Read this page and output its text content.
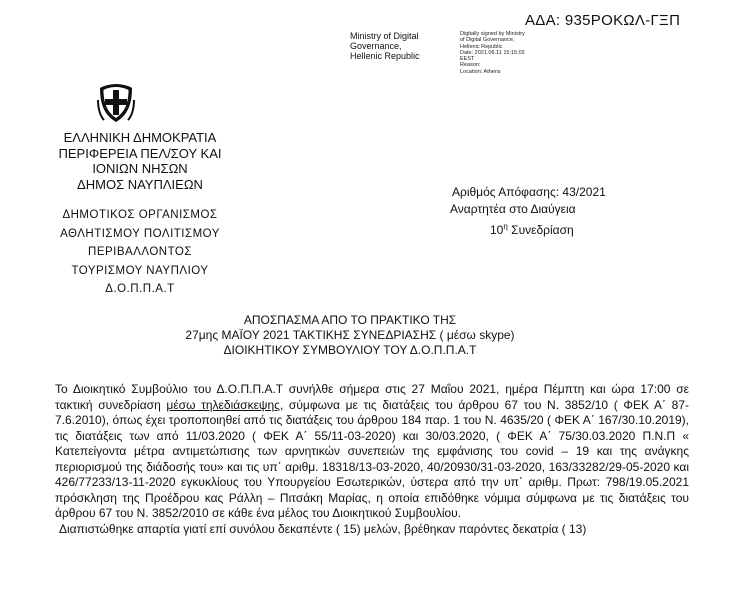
ΑΔΑ: 935ΡΟΚΩΛ-ΓΞΠ
Ministry of Digital
Governance,
Hellenic Republic
Digitally signed by Ministry
of Digital Governance,
Hellenic Republic
Date: 2021.06.11 15:15:02
EEST
Reason:
Location: Athens
ΕΛΛΗΝΙΚΗ ΔΗΜΟΚΡΑΤΙΑ
ΠΕΡΙΦΕΡΕΙΑ ΠΕΛ/ΣΟΥ ΚΑΙ
ΙΟΝΙΩΝ ΝΗΣΩΝ
ΔΗΜΟΣ ΝΑΥΠΛΙΕΩΝ
ΔΗΜΟΤΙΚΟΣ ΟΡΓΑΝΙΣΜΟΣ
ΑΘΛΗΤΙΣΜΟΥ ΠΟΛΙΤΙΣΜΟΥ
ΠΕΡΙΒΑΛΛΟΝΤΟΣ
ΤΟΥΡΙΣΜΟΥ ΝΑΥΠΛΙΟΥ
Δ.Ο.Π.Π.Α.Τ
Αριθμός Απόφασης: 43/2021
Αναρτητέα στο Διαύγεια
$10^\eta$ Συνεδρίαση
ΑΠΟΣΠΑΣΜΑ ΑΠΟ ΤΟ ΠΡΑΚΤΙΚΟ ΤΗΣ
27μης ΜΑΪΟΥ 2021 ΤΑΚΤΙΚΗΣ ΣΥΝΕΔΡΙΑΣΗΣ ( μέσω skype)
ΔΙΟΙΚΗΤΙΚΟΥ ΣΥΜΒΟΥΛΙΟΥ ΤΟΥ Δ.Ο.Π.Π.Α.Τ

Το Διοικητικό Συμβούλιο του Δ.Ο.Π.Π.Α.Τ συνήλθε σήμερα στις 27 Μαΐου 2021, ημέρα Πέμπτη και ώρα 17:00 σε τακτική συνεδρίαση μέσω τηλεδιάσκεψης, σύμφωνα με τις διατάξεις του άρθρου 67 του Ν. 3852/10 ( ΦΕΚ Α΄ 87-7.6.2010), όπως έχει τροποποιηθεί από τις διατάξεις του άρθρου 184 παρ. 1 του Ν. 4635/20 ( ΦΕΚ Α΄ 167/30.10.2019), τις διατάξεις των από 11/03.2020 ( ΦΕΚ Α΄ 55/11-03-2020) και 30/03.2020, ( ΦΕΚ Α΄ 75/30.03.2020 Π.Ν.Π « Κατεπείγοντα μέτρα αντιμετώπισης των αρνητικών συνεπειών της εμφάνισης του covid – 19 και της ανάγκης περιορισμού της διάδοσής του» και τις υπ΄ αριθμ. 18318/13-03-2020, 40/20930/31-03-2020, 163/33282/29-05-2020 και 426/77233/13-11-2020 εγκυκλίους του Υπουργείου Εσωτερικών, ύστερα από την υπ΄ αριθμ. Πρωτ: 798/19.05.2021 πρόσκληση της Προέδρου κας Ράλλη – Πιτσάκη Μαρίας, η οποία επιδόθηκε νόμιμα σύμφωνα με τις διατάξεις του άρθρου 67 του Ν. 3852/2010 σε κάθε ένα μέλος του Διοικητικού Συμβουλίου.

Διαπιστώθηκε απαρτία γιατί επί συνόλου δεκαπέντε ( 15) μελών, βρέθηκαν παρόντες δεκατρία ( 13)
